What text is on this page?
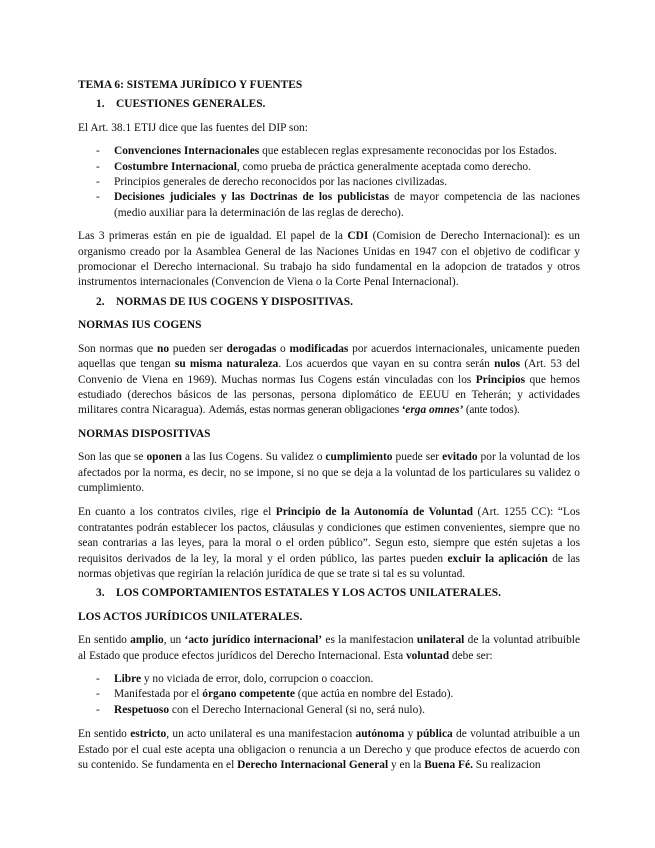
TEMA 6: SISTEMA JURÍDICO Y FUENTES

1. CUESTIONES GENERALES.

El Art. 38.1 ETIJ dice que las fuentes del DIP son:

- Convenciones Internacionales que establecen reglas expresamente reconocidas por los Estados.
- Costumbre Internacional, como prueba de práctica generalmente aceptada como derecho.
- Principios generales de derecho reconocidos por las naciones civilizadas.
- Decisiones judiciales y las Doctrinas de los publicistas de mayor competencia de las naciones (medio auxiliar para la determinación de las reglas de derecho).

Las 3 primeras están en pie de igualdad. El papel de la CDI (Comision de Derecho Internacional): es un organismo creado por la Asamblea General de las Naciones Unidas en 1947 con el objetivo de codificar y promocionar el Derecho internacional. Su trabajo ha sido fundamental en la adopcion de tratados y otros instrumentos internacionales (Convencion de Viena o la Corte Penal Internacional).

2. NORMAS DE IUS COGENS Y DISPOSITIVAS.

NORMAS IUS COGENS

Son normas que no pueden ser derogadas o modificadas por acuerdos internacionales, unicamente pueden aquellas que tengan su misma naturaleza. Los acuerdos que vayan en su contra serán nulos (Art. 53 del Convenio de Viena en 1969). Muchas normas Ius Cogens están vinculadas con los Principios que hemos estudiado (derechos básicos de las personas, persona diplomático de EEUU en Teherán; y actividades militares contra Nicaragua). Además, estas normas generan obligaciones ‘erga omnes’ (ante todos).

NORMAS DISPOSITIVAS

Son las que se oponen a las Ius Cogens. Su validez o cumplimiento puede ser evitado por la voluntad de los afectados por la norma, es decir, no se impone, si no que se deja a la voluntad de los particulares su validez o cumplimiento.

En cuanto a los contratos civiles, rige el Principio de la Autonomía de Voluntad (Art. 1255 CC): “Los contratantes podrán establecer los pactos, cláusulas y condiciones que estimen convenientes, siempre que no sean contrarias a las leyes, para la moral o el orden público”. Segun esto, siempre que estén sujetas a los requisitos derivados de la ley, la moral y el orden público, las partes pueden excluir la aplicación de las normas objetivas que regirían la relación jurídica de que se trate si tal es su voluntad.

3. LOS COMPORTAMIENTOS ESTATALES Y LOS ACTOS UNILATERALES.

LOS ACTOS JURÍDICOS UNILATERALES.

En sentido amplio, un ‘acto jurídico internacional’ es la manifestacion unilateral de la voluntad atribuible al Estado que produce efectos jurídicos del Derecho Internacional. Esta voluntad debe ser:

- Libre y no viciada de error, dolo, corrupcion o coaccion.
- Manifestada por el órgano competente (que actúa en nombre del Estado).
- Respetuoso con el Derecho Internacional General (si no, será nulo).

En sentido estricto, un acto unilateral es una manifestacion autónoma y pública de voluntad atribuible a un Estado por el cual este acepta una obligacion o renuncia a un Derecho y que produce efectos de acuerdo con su contenido. Se fundamenta en el Derecho Internacional General y en la Buena Fé. Su realizacion
